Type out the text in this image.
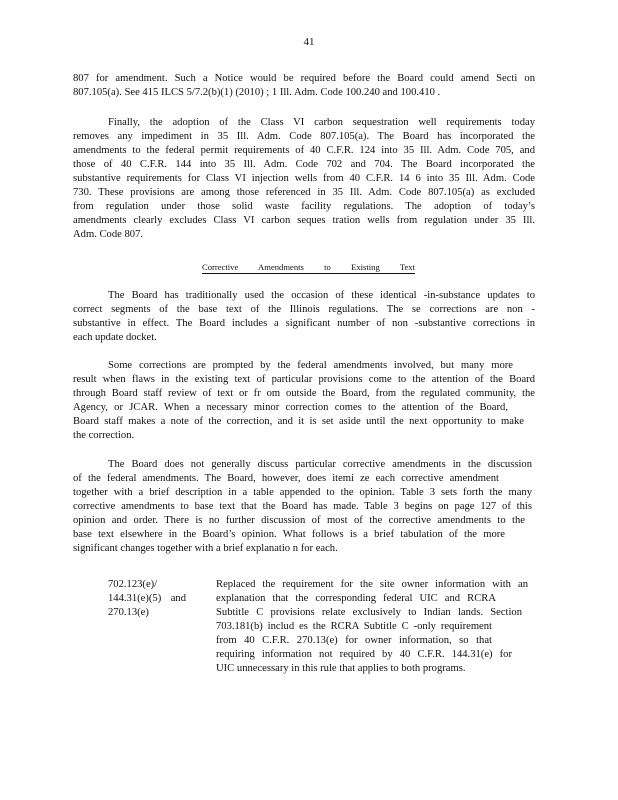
41
807 for amendment. Such a Notice would be required before the Board could amend Secti on
807.105(a). See 415 ILCS 5/7.2(b)(1) (2010) ; 1 Ill. Adm. Code 100.240 and 100.410 .
Finally, the adoption of the Class VI carbon sequestration well requirements today
removes any impediment in 35 Ill. Adm. Code 807.105(a). The Board has incorporated the
amendments to the federal permit requirements of 40 C.F.R. 124 into 35 Ill. Adm. Code 705, and
those of 40 C.F.R. 144 into 35 Ill. Adm. Code 702 and 704. The Board incorporated the
substantive requirements for Class VI injection wells from 40 C.F.R. 14 6 into 35 Ill. Adm. Code
730. These provisions are among those referenced in 35 Ill. Adm. Code 807.105(a) as excluded
from regulation under those solid waste facility regulations. The adoption of today’s
amendments clearly excludes Class VI carbon seques tration wells from regulation under 35 Ill.
Adm. Code 807.
Corrective Amendments to Existing Text
The Board has traditionally used the occasion of these identical -in-substance updates to
correct segments of the base text of the Illinois regulations. The se corrections are non -
substantive in effect. The Board includes a significant number of non -substantive corrections in
each update docket.
Some corrections are prompted by the federal amendments involved, but many more
result when flaws in the existing text of particular provisions come to the attention of the Board
through Board staff review of text or fr om outside the Board, from the regulated community, the
Agency, or JCAR. When a necessary minor correction comes to the attention of the Board,
Board staff makes a note of the correction, and it is set aside until the next opportunity to make
the correction.
The Board does not generally discuss particular corrective amendments in the discussion
of the federal amendments. The Board, however, does itemi ze each corrective amendment
together with a brief description in a table appended to the opinion. Table 3 sets forth the many
corrective amendments to base text that the Board has made. Table 3 begins on page 127 of this
opinion and order. There is no further discussion of most of the corrective amendments to the
base text elsewhere in the Board’s opinion. What follows is a brief tabulation of the more
significant changes together with a brief explanatio n for each.
702.123(e)/
144.31(e)(5) and
270.13(e)
Replaced the requirement for the site owner information with an
explanation that the corresponding federal UIC and RCRA
Subtitle C provisions relate exclusively to Indian lands. Section
703.181(b) includ es the RCRA Subtitle C -only requirement
from 40 C.F.R. 270.13(e) for owner information, so that
requiring information not required by 40 C.F.R. 144.31(e) for
UIC unnecessary in this rule that applies to both programs.
